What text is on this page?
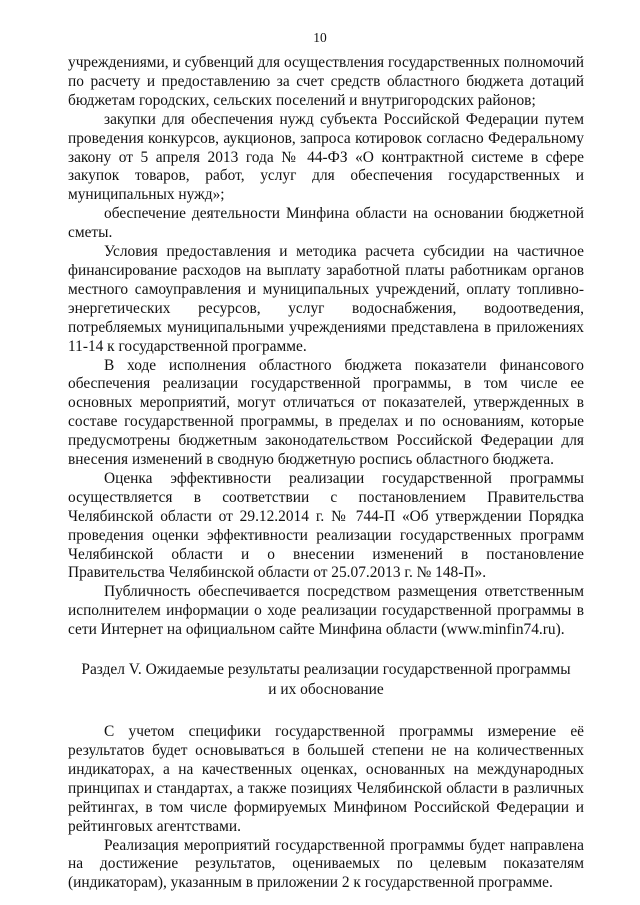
10

учреждениями, и субвенций для осуществления государственных полномочий по расчету и предоставлению за счет средств областного бюджета дотаций бюджетам городских, сельских поселений и внутригородских районов;

закупки для обеспечения нужд субъекта Российской Федерации путем проведения конкурсов, аукционов, запроса котировок согласно Федеральному закону от 5 апреля 2013 года № 44-ФЗ «О контрактной системе в сфере закупок товаров, работ, услуг для обеспечения государственных и муниципальных нужд»;

обеспечение деятельности Минфина области на основании бюджетной сметы.

Условия предоставления и методика расчета субсидии на частичное финансирование расходов на выплату заработной платы работникам органов местного самоуправления и муниципальных учреждений, оплату топливно-энергетических ресурсов, услуг водоснабжения, водоотведения, потребляемых муниципальными учреждениями представлена в приложениях 11-14 к государственной программе.

В ходе исполнения областного бюджета показатели финансового обеспечения реализации государственной программы, в том числе ее основных мероприятий, могут отличаться от показателей, утвержденных в составе государственной программы, в пределах и по основаниям, которые предусмотрены бюджетным законодательством Российской Федерации для внесения изменений в сводную бюджетную роспись областного бюджета.

Оценка эффективности реализации государственной программы осуществляется в соответствии с постановлением Правительства Челябинской области от 29.12.2014 г. № 744-П «Об утверждении Порядка проведения оценки эффективности реализации государственных программ Челябинской области и о внесении изменений в постановление Правительства Челябинской области от 25.07.2013 г. № 148-П».

Публичность обеспечивается посредством размещения ответственным исполнителем информации о ходе реализации государственной программы в сети Интернет на официальном сайте Минфина области (www.minfin74.ru).

Раздел V. Ожидаемые результаты реализации государственной программы
и их обоснование

С учетом специфики государственной программы измерение её результатов будет основываться в большей степени не на количественных индикаторах, а на качественных оценках, основанных на международных принципах и стандартах, а также позициях Челябинской области в различных рейтингах, в том числе формируемых Минфином Российской Федерации и рейтинговых агентствами.

Реализация мероприятий государственной программы будет направлена на достижение результатов, оцениваемых по целевым показателям (индикаторам), указанным в приложении 2 к государственной программе.
